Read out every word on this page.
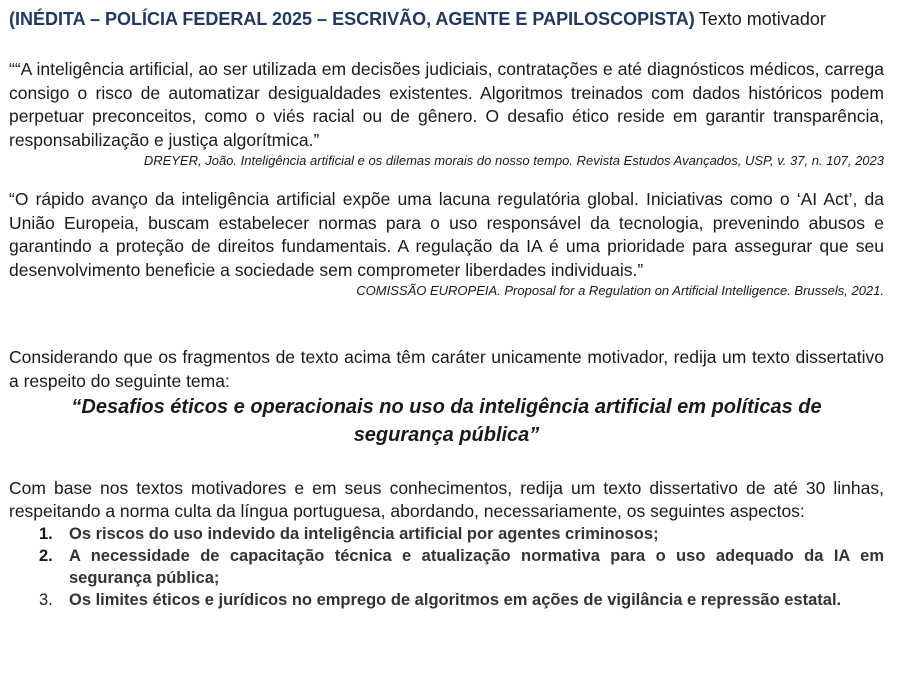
(INÉDITA – POLÍCIA FEDERAL 2025 – ESCRIVÃO, AGENTE E PAPILOSCOPISTA) Texto motivador

““A inteligência artificial, ao ser utilizada em decisões judiciais, contratações e até diagnósticos médicos, carrega consigo o risco de automatizar desigualdades existentes. Algoritmos treinados com dados históricos podem perpetuar preconceitos, como o viés racial ou de gênero. O desafio ético reside em garantir transparência, responsabilização e justiça algorítmica.”

DREYER, João. Inteligência artificial e os dilemas morais do nosso tempo. Revista Estudos Avançados, USP, v. 37, n. 107, 2023

“O rápido avanço da inteligência artificial expõe uma lacuna regulatória global. Iniciativas como o ‘AI Act’, da União Europeia, buscam estabelecer normas para o uso responsável da tecnologia, prevenindo abusos e garantindo a proteção de direitos fundamentais. A regulação da IA é uma prioridade para assegurar que seu desenvolvimento beneficie a sociedade sem comprometer liberdades individuais.”

COMISSÃO EUROPEIA. Proposal for a Regulation on Artificial Intelligence. Brussels, 2021.

Considerando que os fragmentos de texto acima têm caráter unicamente motivador, redija um texto dissertativo a respeito do seguinte tema:

“Desafios éticos e operacionais no uso da inteligência artificial em políticas de segurança pública”

Com base nos textos motivadores e em seus conhecimentos, redija um texto dissertativo de até 30 linhas, respeitando a norma culta da língua portuguesa, abordando, necessariamente, os seguintes aspectos:

1. Os riscos do uso indevido da inteligência artificial por agentes criminosos;
2. A necessidade de capacitação técnica e atualização normativa para o uso adequado da IA em segurança pública;
3. Os limites éticos e jurídicos no emprego de algoritmos em ações de vigilância e repressão estatal.
